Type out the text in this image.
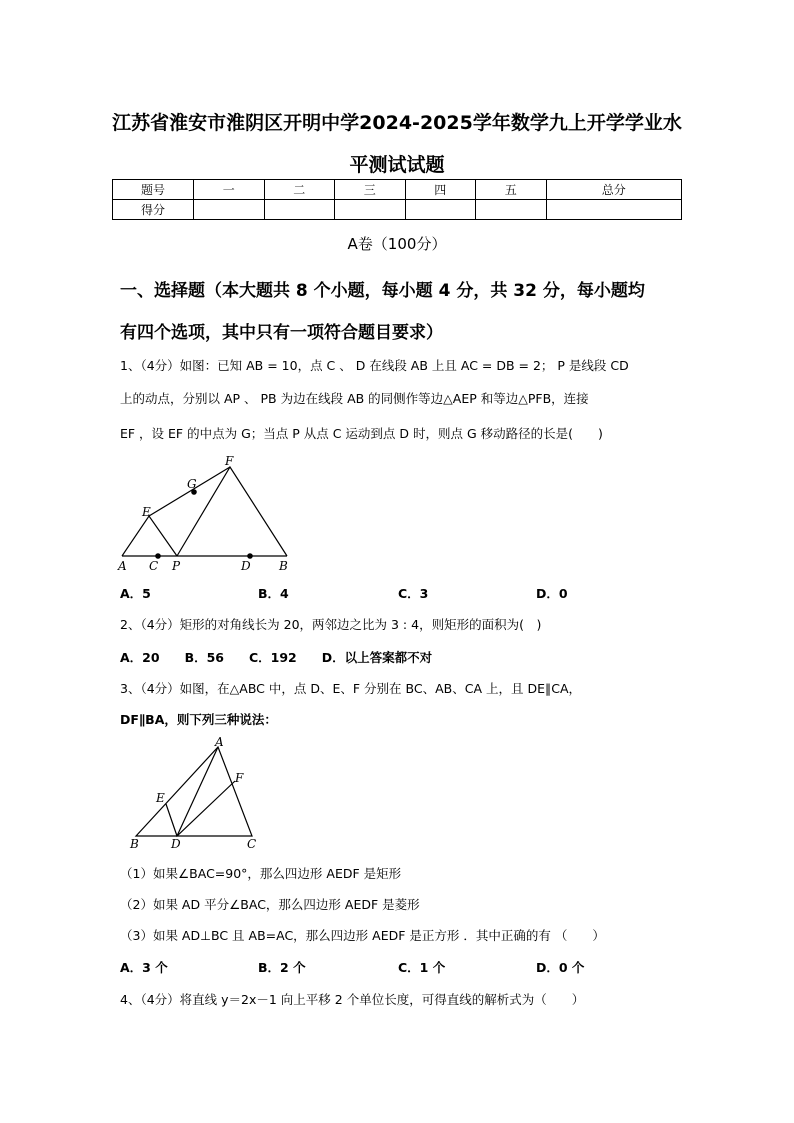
江苏省淮安市淮阴区开明中学2024-2025学年数学九上开学学业水
平测试试题
题号	一	二	三	四	五	总分
得分						
A卷（100分）
一、选择题（本大题共 8 个小题，每小题 4 分，共 32 分，每小题均
有四个选项，其中只有一项符合题目要求）
1、（4分）如图：已知 AB = 10，点 C 、 D 在线段 AB 上且 AC = DB = 2； P 是线段 CD
上的动点，分别以 AP 、 PB 为边在线段 AB 的同侧作等边△AEP 和等边△PFB，连接
EF ，设 EF 的中点为 G；当点 P 从点 C 运动到点 D 时，则点 G 移动路径的长是(　　)
A C P	D B
E
G
F
A．5	B．4	C．3	D．0
2、（4分）矩形的对角线长为 20，两邻边之比为 3 : 4，则矩形的面积为(　)
A．20　　B．56　　C．192　　D．以上答案都不对
3、（4分）如图，在△ABC 中，点 D、E、F 分别在 BC、AB、CA 上，且 DE∥CA，
DF∥BA，则下列三种说法：
A
B	D	C
E
F
（1）如果∠BAC=90°，那么四边形 AEDF 是矩形
（2）如果 AD 平分∠BAC，那么四边形 AEDF 是菱形
（3）如果 AD⊥BC 且 AB=AC，那么四边形 AEDF 是正方形 ．其中正确的有 （　　）
A．3 个	B．2 个	C．1 个	D．0 个
4、（4分）将直线 y＝2x－1 向上平移 2 个单位长度，可得直线的解析式为（　　）
